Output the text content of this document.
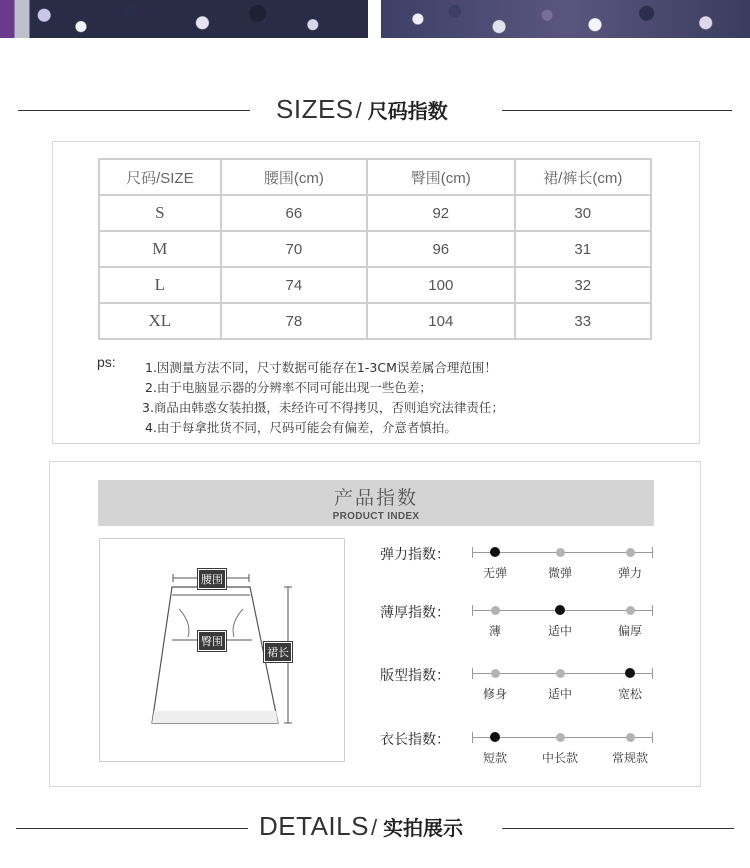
SIZES/ 尺码指数
尺码/SIZE	腰围(cm)	臀围(cm)	裙/裤长(cm)
S	66	92	30
M	70	96	31
L	74	100	32
XL	78	104	33
ps: 1.因测量方法不同，尺寸数据可能存在1-3CM误差属合理范围！
2.由于电脑显示器的分辨率不同可能出现一些色差；
3.商品由韩惑女装拍摄，未经许可不得拷贝，否则追究法律责任；
4.由于每拿批货不同，尺码可能会有偏差，介意者慎拍。
产品指数
PRODUCT INDEX
腰围
臀围
裙长
弹力指数：
无弹	微弹	弹力
薄厚指数：
薄	适中	偏厚
版型指数：
修身	适中	宽松
衣长指数：
短款	中长款	常规款
DETAILS/ 实拍展示
